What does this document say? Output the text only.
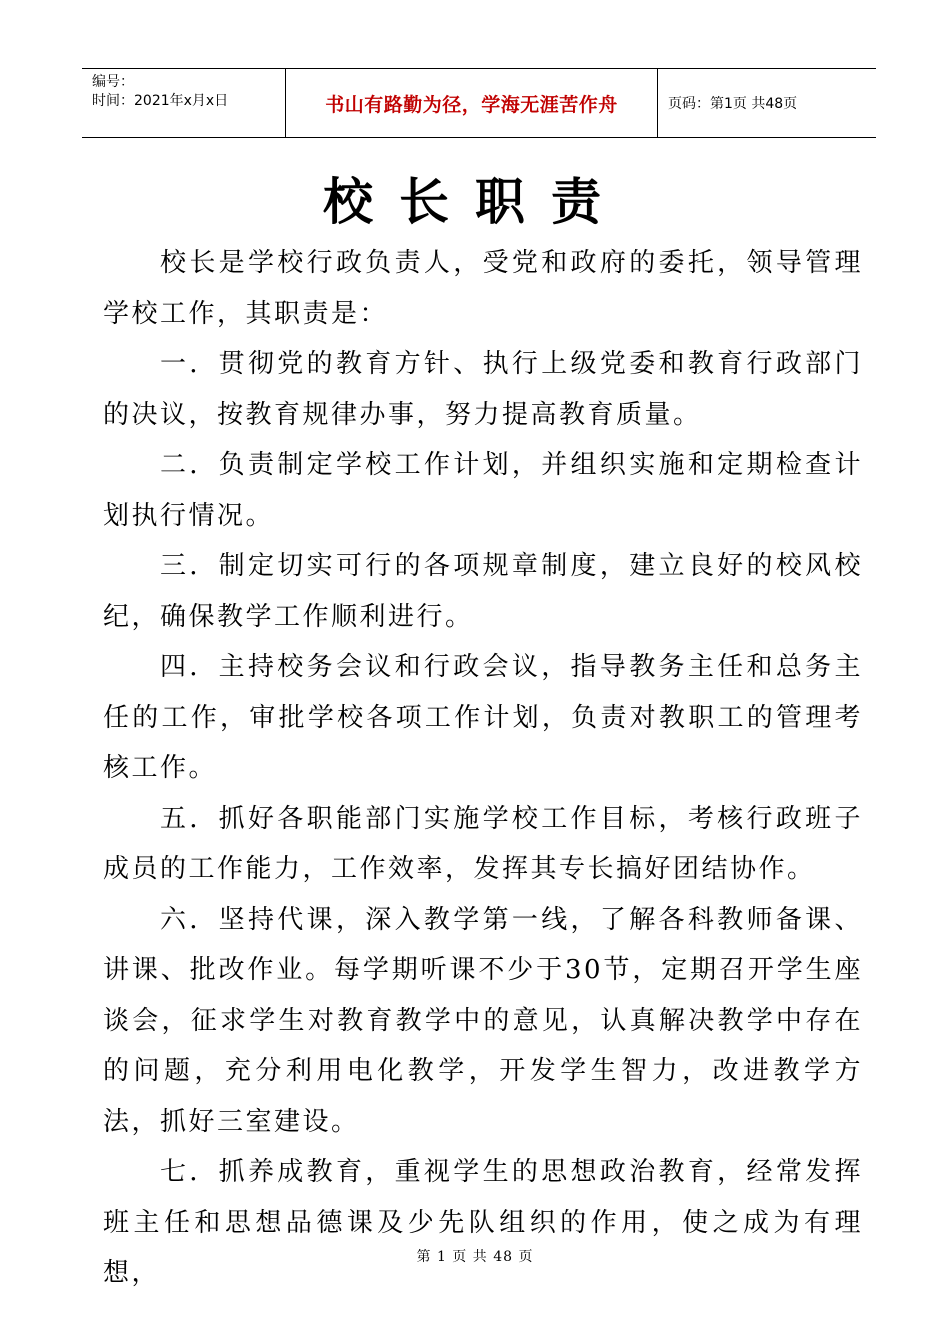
编号：
时间：2021年x月x日	书山有路勤为径，学海无涯苦作舟	页码：第1页 共48页
校长职责

校长是学校行政负责人，受党和政府的委托，领导管理学校工作，其职责是：

一．贯彻党的教育方针、执行上级党委和教育行政部门的决议，按教育规律办事，努力提高教育质量。

二．负责制定学校工作计划，并组织实施和定期检查计划执行情况。

三．制定切实可行的各项规章制度，建立良好的校风校纪，确保教学工作顺利进行。

四．主持校务会议和行政会议，指导教务主任和总务主任的工作，审批学校各项工作计划，负责对教职工的管理考核工作。

五．抓好各职能部门实施学校工作目标，考核行政班子成员的工作能力，工作效率，发挥其专长搞好团结协作。

六．坚持代课，深入教学第一线，了解各科教师备课、讲课、批改作业。每学期听课不少于30节，定期召开学生座谈会，征求学生对教育教学中的意见，认真解决教学中存在的问题，充分利用电化教学，开发学生智力，改进教学方法，抓好三室建设。

七．抓养成教育，重视学生的思想政治教育，经常发挥班主任和思想品德课及少先队组织的作用，使之成为有理想，

第 1 页 共 48 页
